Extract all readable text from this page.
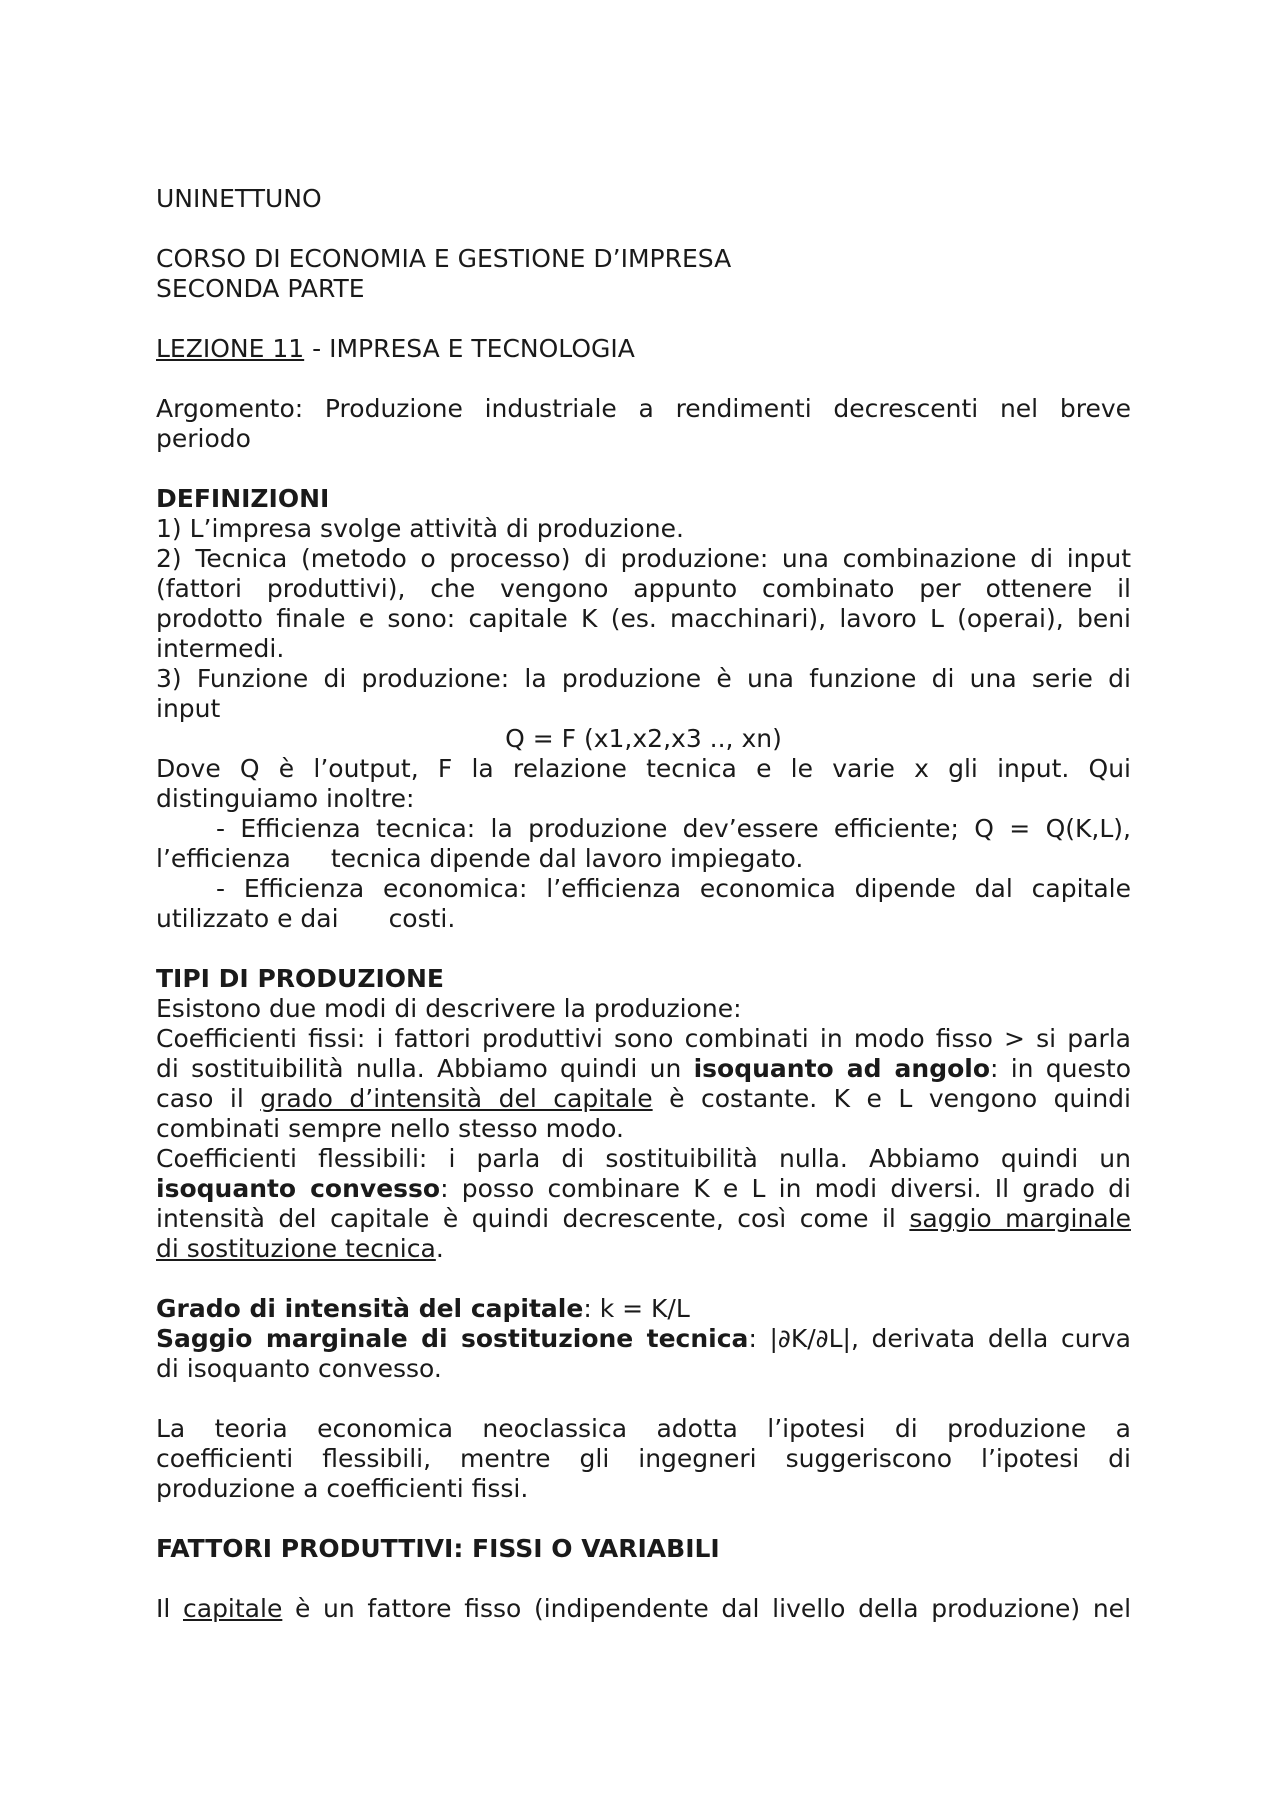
UNINETTUNO
CORSO DI ECONOMIA E GESTIONE D’IMPRESA
SECONDA PARTE
LEZIONE 11 - IMPRESA E TECNOLOGIA
Argomento: Produzione industriale a rendimenti decrescenti nel breve
periodo
DEFINIZIONI
1) L’impresa svolge attività di produzione.
2) Tecnica (metodo o processo) di produzione: una combinazione di input
(fattori produttivi), che vengono appunto combinato per ottenere il
prodotto finale e sono: capitale K (es. macchinari), lavoro L (operai), beni
intermedi.
3) Funzione di produzione: la produzione è una funzione di una serie di
input
Q = F (x1,x2,x3 .., xn)
Dove Q è l’output, F la relazione tecnica e le varie x gli input. Qui
distinguiamo inoltre:
- Efficienza tecnica: la produzione dev’essere efficiente; Q = Q(K,L),
l’efficienza tecnica dipende dal lavoro impiegato.
- Efficienza economica: l’efficienza economica dipende dal capitale
utilizzato e dai costi.
TIPI DI PRODUZIONE
Esistono due modi di descrivere la produzione:
Coefficienti fissi: i fattori produttivi sono combinati in modo fisso > si parla
di sostituibilità nulla. Abbiamo quindi un isoquanto ad angolo: in questo
caso il grado d’intensità del capitale è costante. K e L vengono quindi
combinati sempre nello stesso modo.
Coefficienti flessibili: i parla di sostituibilità nulla. Abbiamo quindi un
isoquanto convesso: posso combinare K e L in modi diversi. Il grado di
intensità del capitale è quindi decrescente, così come il saggio marginale
di sostituzione tecnica.
Grado di intensità del capitale: k = K/L
Saggio marginale di sostituzione tecnica: |∂K/∂L|, derivata della curva
di isoquanto convesso.
La teoria economica neoclassica adotta l’ipotesi di produzione a
coefficienti flessibili, mentre gli ingegneri suggeriscono l’ipotesi di
produzione a coefficienti fissi.
FATTORI PRODUTTIVI: FISSI O VARIABILI
Il capitale è un fattore fisso (indipendente dal livello della produzione) nel
